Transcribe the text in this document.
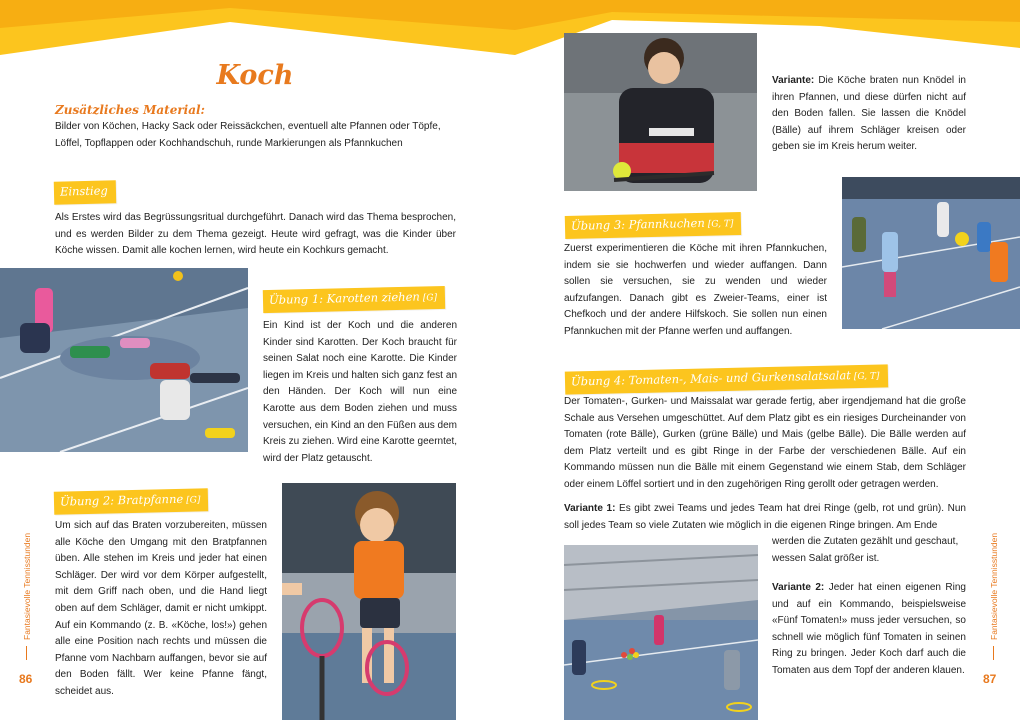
Koch
Zusätzliches Material:
Bilder von Köchen, Hacky Sack oder Reissäckchen, eventuell alte Pfannen oder Töpfe, Löffel, Topflappen oder Kochhandschuh, runde Markierungen als Pfannkuchen
Einstieg
Als Erstes wird das Begrüssungsritual durchgeführt. Danach wird das Thema besprochen, und es werden Bilder zu dem Thema gezeigt. Heute wird gefragt, was die Kinder über Köche wissen. Damit alle kochen lernen, wird heute ein Kochkurs gemacht.
Übung 1: Karotten ziehen [G]
Ein Kind ist der Koch und die anderen Kinder sind Karotten. Der Koch braucht für seinen Salat noch eine Karotte. Die Kinder liegen im Kreis und halten sich ganz fest an den Händen. Der Koch will nun eine Karotte aus dem Boden ziehen und muss versuchen, ein Kind an den Füßen aus dem Kreis zu ziehen. Wird eine Karotte geerntet, wird der Platz getauscht.
Übung 2: Bratpfanne [G]
Um sich auf das Braten vorzubereiten, müssen alle Köche den Umgang mit den Bratpfannen üben. Alle stehen im Kreis und jeder hat einen Schläger. Der wird vor dem Körper aufgestellt, mit dem Griff nach oben, und die Hand liegt oben auf dem Schläger, damit er nicht umkippt. Auf ein Kommando (z. B. «Köche, los!») gehen alle eine Position nach rechts und müssen die Pfanne vom Nachbarn auffangen, bevor sie auf den Boden fällt. Wer keine Pfanne fängt, scheidet aus.
Fantasievolle Tennisstunden
86
Variante: Die Köche braten nun Knödel in ihren Pfannen, und diese dürfen nicht auf den Boden fallen. Sie lassen die Knödel (Bälle) auf ihrem Schläger kreisen oder geben sie im Kreis herum weiter.
Übung 3: Pfannkuchen [G, T]
Zuerst experimentieren die Köche mit ihren Pfannkuchen, indem sie sie hochwerfen und wieder auffangen. Dann sollen sie versuchen, sie zu wenden und wieder aufzufangen. Danach gibt es Zweier-Teams, einer ist Chefkoch und der andere Hilfskoch. Sie sollen nun einen Pfannkuchen mit der Pfanne werfen und auffangen.
Übung 4: Tomaten-, Mais- und Gurkensalatsalat [G, T]
Der Tomaten-, Gurken- und Maissalat war gerade fertig, aber irgendjemand hat die große Schale aus Versehen umgeschüttet. Auf dem Platz gibt es ein riesiges Durcheinander von Tomaten (rote Bälle), Gurken (grüne Bälle) und Mais (gelbe Bälle). Die Bälle werden auf dem Platz verteilt und es gibt Ringe in der Farbe der verschiedenen Bälle. Auf ein Kommando müssen nun die Bälle mit einem Gegenstand wie einem Stab, dem Schläger oder einem Löffel sortiert und in den zugehörigen Ring gerollt oder getragen werden.
Variante 1: Es gibt zwei Teams und jedes Team hat drei Ringe (gelb, rot und grün). Nun soll jedes Team so viele Zutaten wie möglich in die eigenen Ringe bringen. Am Ende
werden die Zutaten gezählt und geschaut, wessen Salat größer ist.
Variante 2: Jeder hat einen eigenen Ring und auf ein Kommando, beispielsweise «Fünf Tomaten!» muss jeder versuchen, so schnell wie möglich fünf Tomaten in seinen Ring zu bringen. Jeder Koch darf auch die Tomaten aus dem Topf der anderen klauen.
Fantasievolle Tennisstunden
87
